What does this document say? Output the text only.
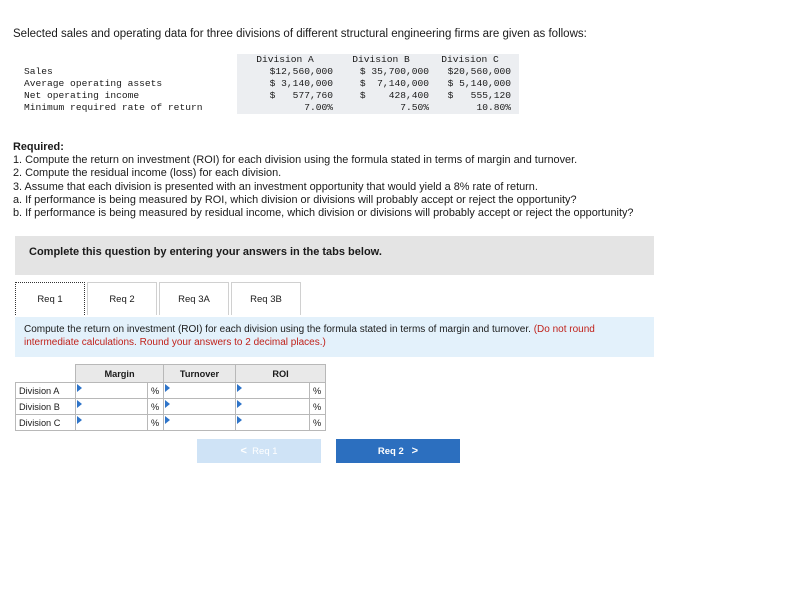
Selected sales and operating data for three divisions of different structural engineering firms are given as follows:
	Division A	Division B	Division C
Sales	$12,560,000	$ 35,700,000	$20,560,000
Average operating assets	$ 3,140,000	$  7,140,000	$ 5,140,000
Net operating income	$   577,760	$    428,400	$   555,120
Minimum required rate of return	7.00%	7.50%	10.80%
Required:
1. Compute the return on investment (ROI) for each division using the formula stated in terms of margin and turnover.
2. Compute the residual income (loss) for each division.
3. Assume that each division is presented with an investment opportunity that would yield a 8% rate of return.
a. If performance is being measured by ROI, which division or divisions will probably accept or reject the opportunity?
b. If performance is being measured by residual income, which division or divisions will probably accept or reject the opportunity?
Complete this question by entering your answers in the tabs below.
Req 1	Req 2	Req 3A	Req 3B
Compute the return on investment (ROI) for each division using the formula stated in terms of margin and turnover. (Do not round intermediate calculations. Round your answers to 2 decimal places.)
	Margin		Turnover	ROI	
Division A		%			%
Division B		%			%
Division C		%			%
< Req 1	Req 2 >
